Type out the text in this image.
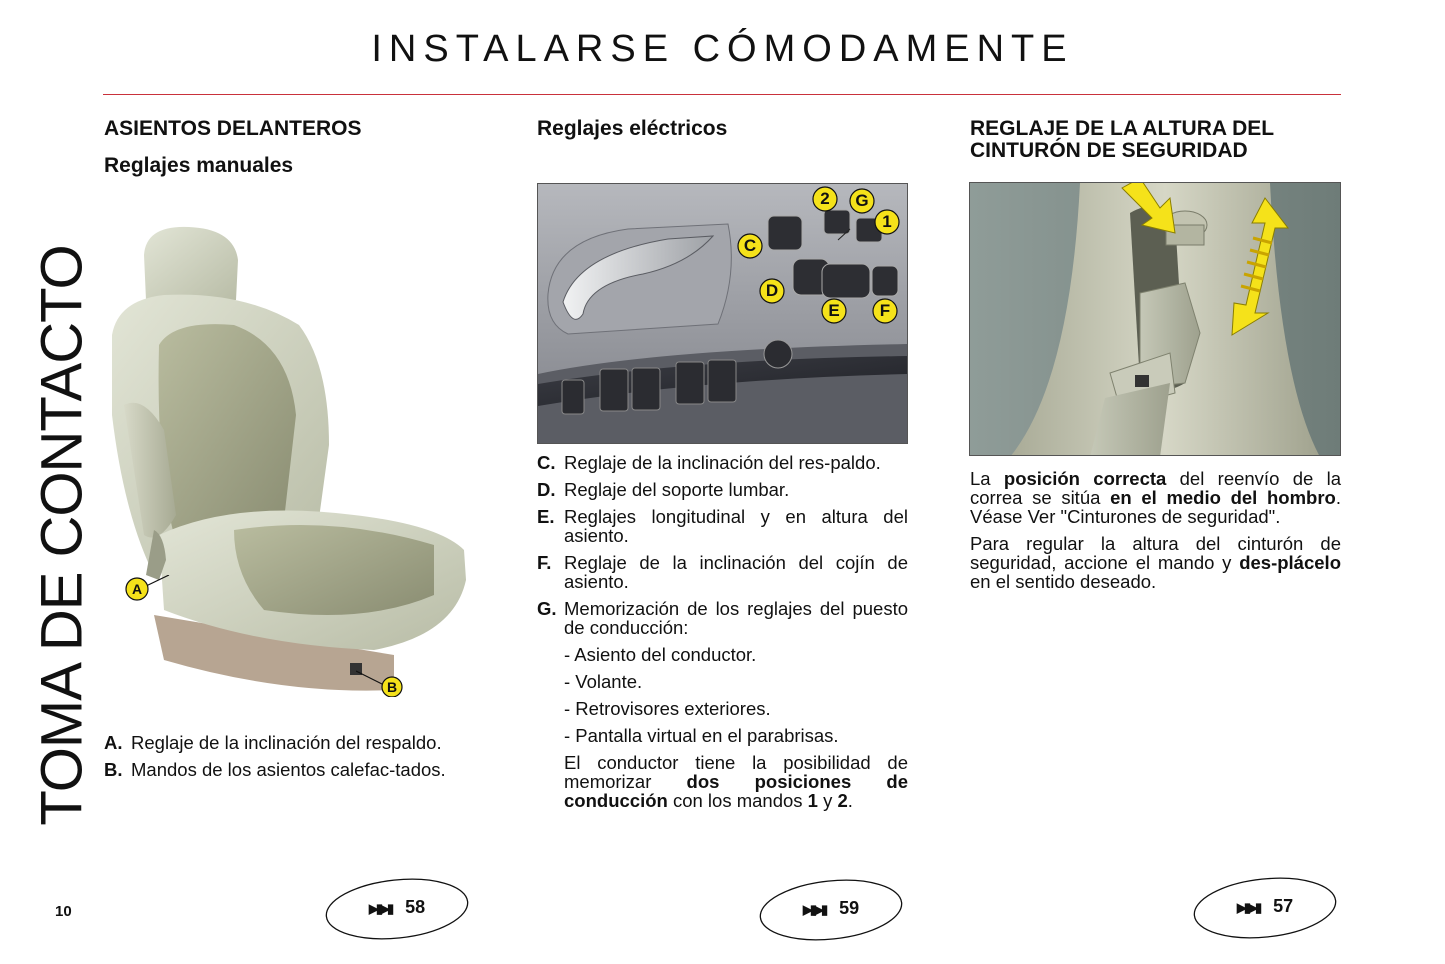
INSTALARSE CÓMODAMENTE
TOMA DE CONTACTO
ASIENTOS DELANTEROS
Reglajes manuales
A
B
A. Reglaje de la inclinación del respaldo.
B. Mandos de los asientos calefac-tados.
Reglajes eléctricos
2	G
1
C
D
E	F
C. Reglaje de la inclinación del res-paldo.
D. Reglaje del soporte lumbar.
E. Reglajes longitudinal y en altura del asiento.
F. Reglaje de la inclinación del cojín de asiento.
G. Memorización de los reglajes del puesto de conducción:
- Asiento del conductor.
- Volante.
- Retrovisores exteriores.
- Pantalla virtual en el parabrisas.
El conductor tiene la posibilidad de memorizar dos posiciones de conducción con los mandos 1 y 2.
REGLAJE DE LA ALTURA DEL
CINTURÓN DE SEGURIDAD
La posición correcta del reenvío de la correa se sitúa en el medio del hombro. Véase Ver "Cinturones de seguridad".
Para regular la altura del cinturón de seguridad, accione el mando y des-plácelo en el sentido deseado.
▶▮▶▮ 58	▶▮▶▮ 59	▶▮▶▮ 57
10
